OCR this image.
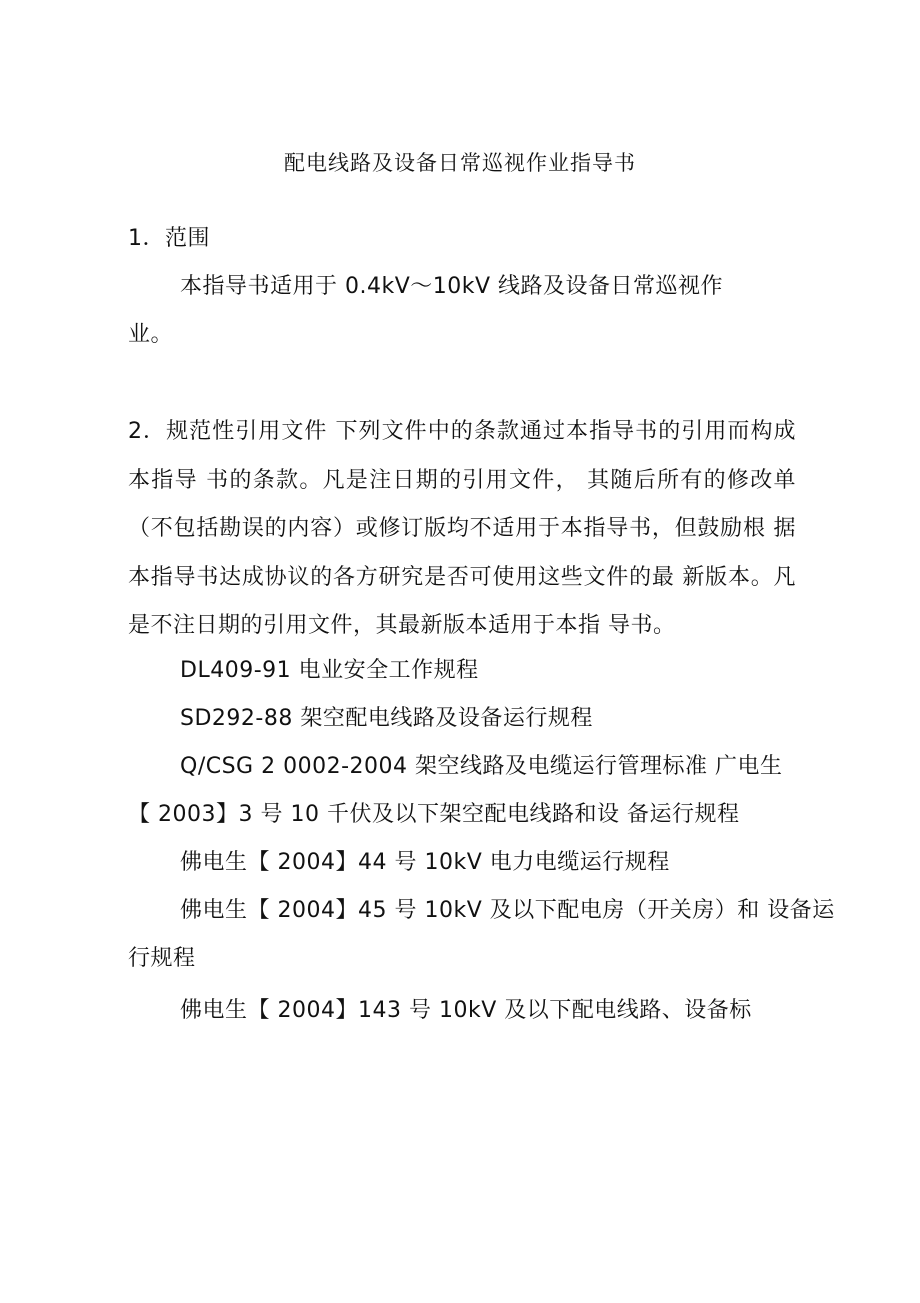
配电线路及设备日常巡视作业指导书
1．范围
本指导书适用于 0.4kV～10kV 线路及设备日常巡视作
业。
2．规范性引用文件 下列文件中的条款通过本指导书的引用而构成本指导 书的条款。凡是注日期的引用文件， 其随后所有的修改单 （不包括勘误的内容）或修订版均不适用于本指导书，但鼓励根 据本指导书达成协议的各方研究是否可使用这些文件的最 新版本。凡是不注日期的引用文件，其最新版本适用于本指 导书。
DL409-91 电业安全工作规程
SD292-88 架空配电线路及设备运行规程
Q/CSG 2 0002-2004 架空线路及电缆运行管理标准 广电生
【 2003】3 号 10 千伏及以下架空配电线路和设 备运行规程
佛电生【 2004】44 号 10kV 电力电缆运行规程
佛电生【 2004】45 号 10kV 及以下配电房（开关房）和 设备运
行规程
佛电生【 2004】143 号 10kV 及以下配电线路、设备标
